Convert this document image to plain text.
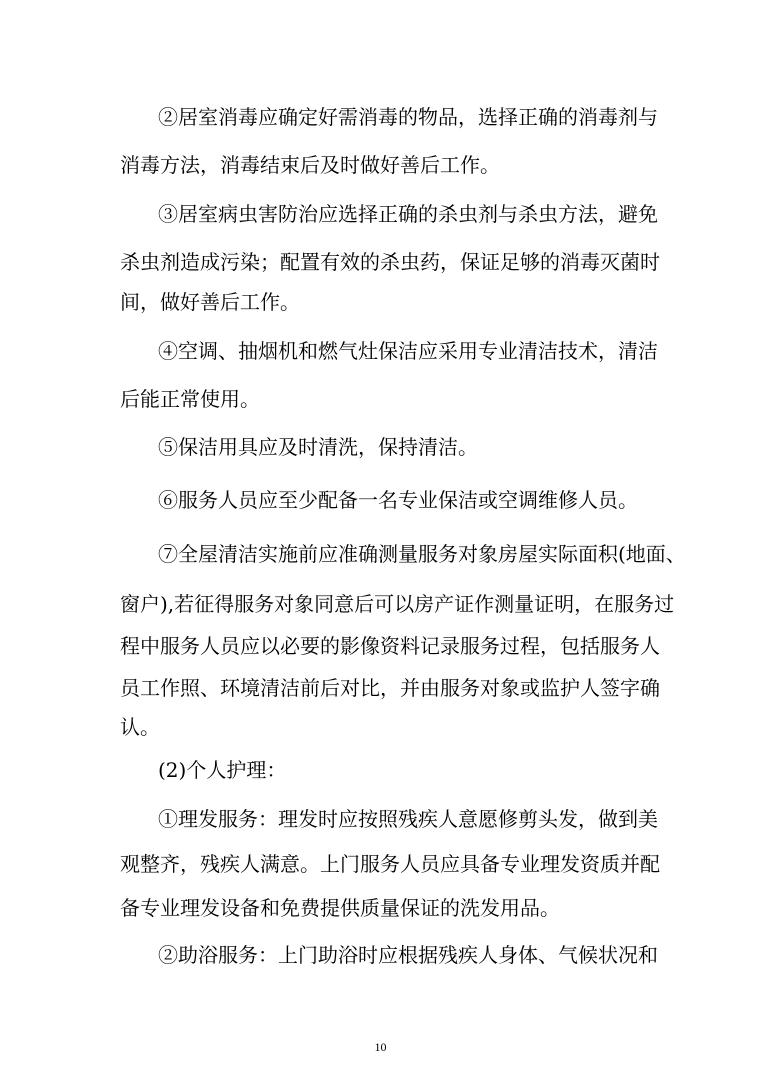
②居室消毒应确定好需消毒的物品，选择正确的消毒剂与
消毒方法，消毒结束后及时做好善后工作。
③居室病虫害防治应选择正确的杀虫剂与杀虫方法，避免
杀虫剂造成污染；配置有效的杀虫药，保证足够的消毒灭菌时
间，做好善后工作。
④空调、抽烟机和燃气灶保洁应采用专业清洁技术，清洁
后能正常使用。
⑤保洁用具应及时清洗，保持清洁。
⑥服务人员应至少配备一名专业保洁或空调维修人员。
⑦全屋清洁实施前应准确测量服务对象房屋实际面积(地面、
窗户),若征得服务对象同意后可以房产证作测量证明，在服务过
程中服务人员应以必要的影像资料记录服务过程，包括服务人
员工作照、环境清洁前后对比，并由服务对象或监护人签字确
认。
(2)个人护理：
①理发服务：理发时应按照残疾人意愿修剪头发，做到美
观整齐，残疾人满意。上门服务人员应具备专业理发资质并配
备专业理发设备和免费提供质量保证的洗发用品。
②助浴服务：上门助浴时应根据残疾人身体、气候状况和
10
